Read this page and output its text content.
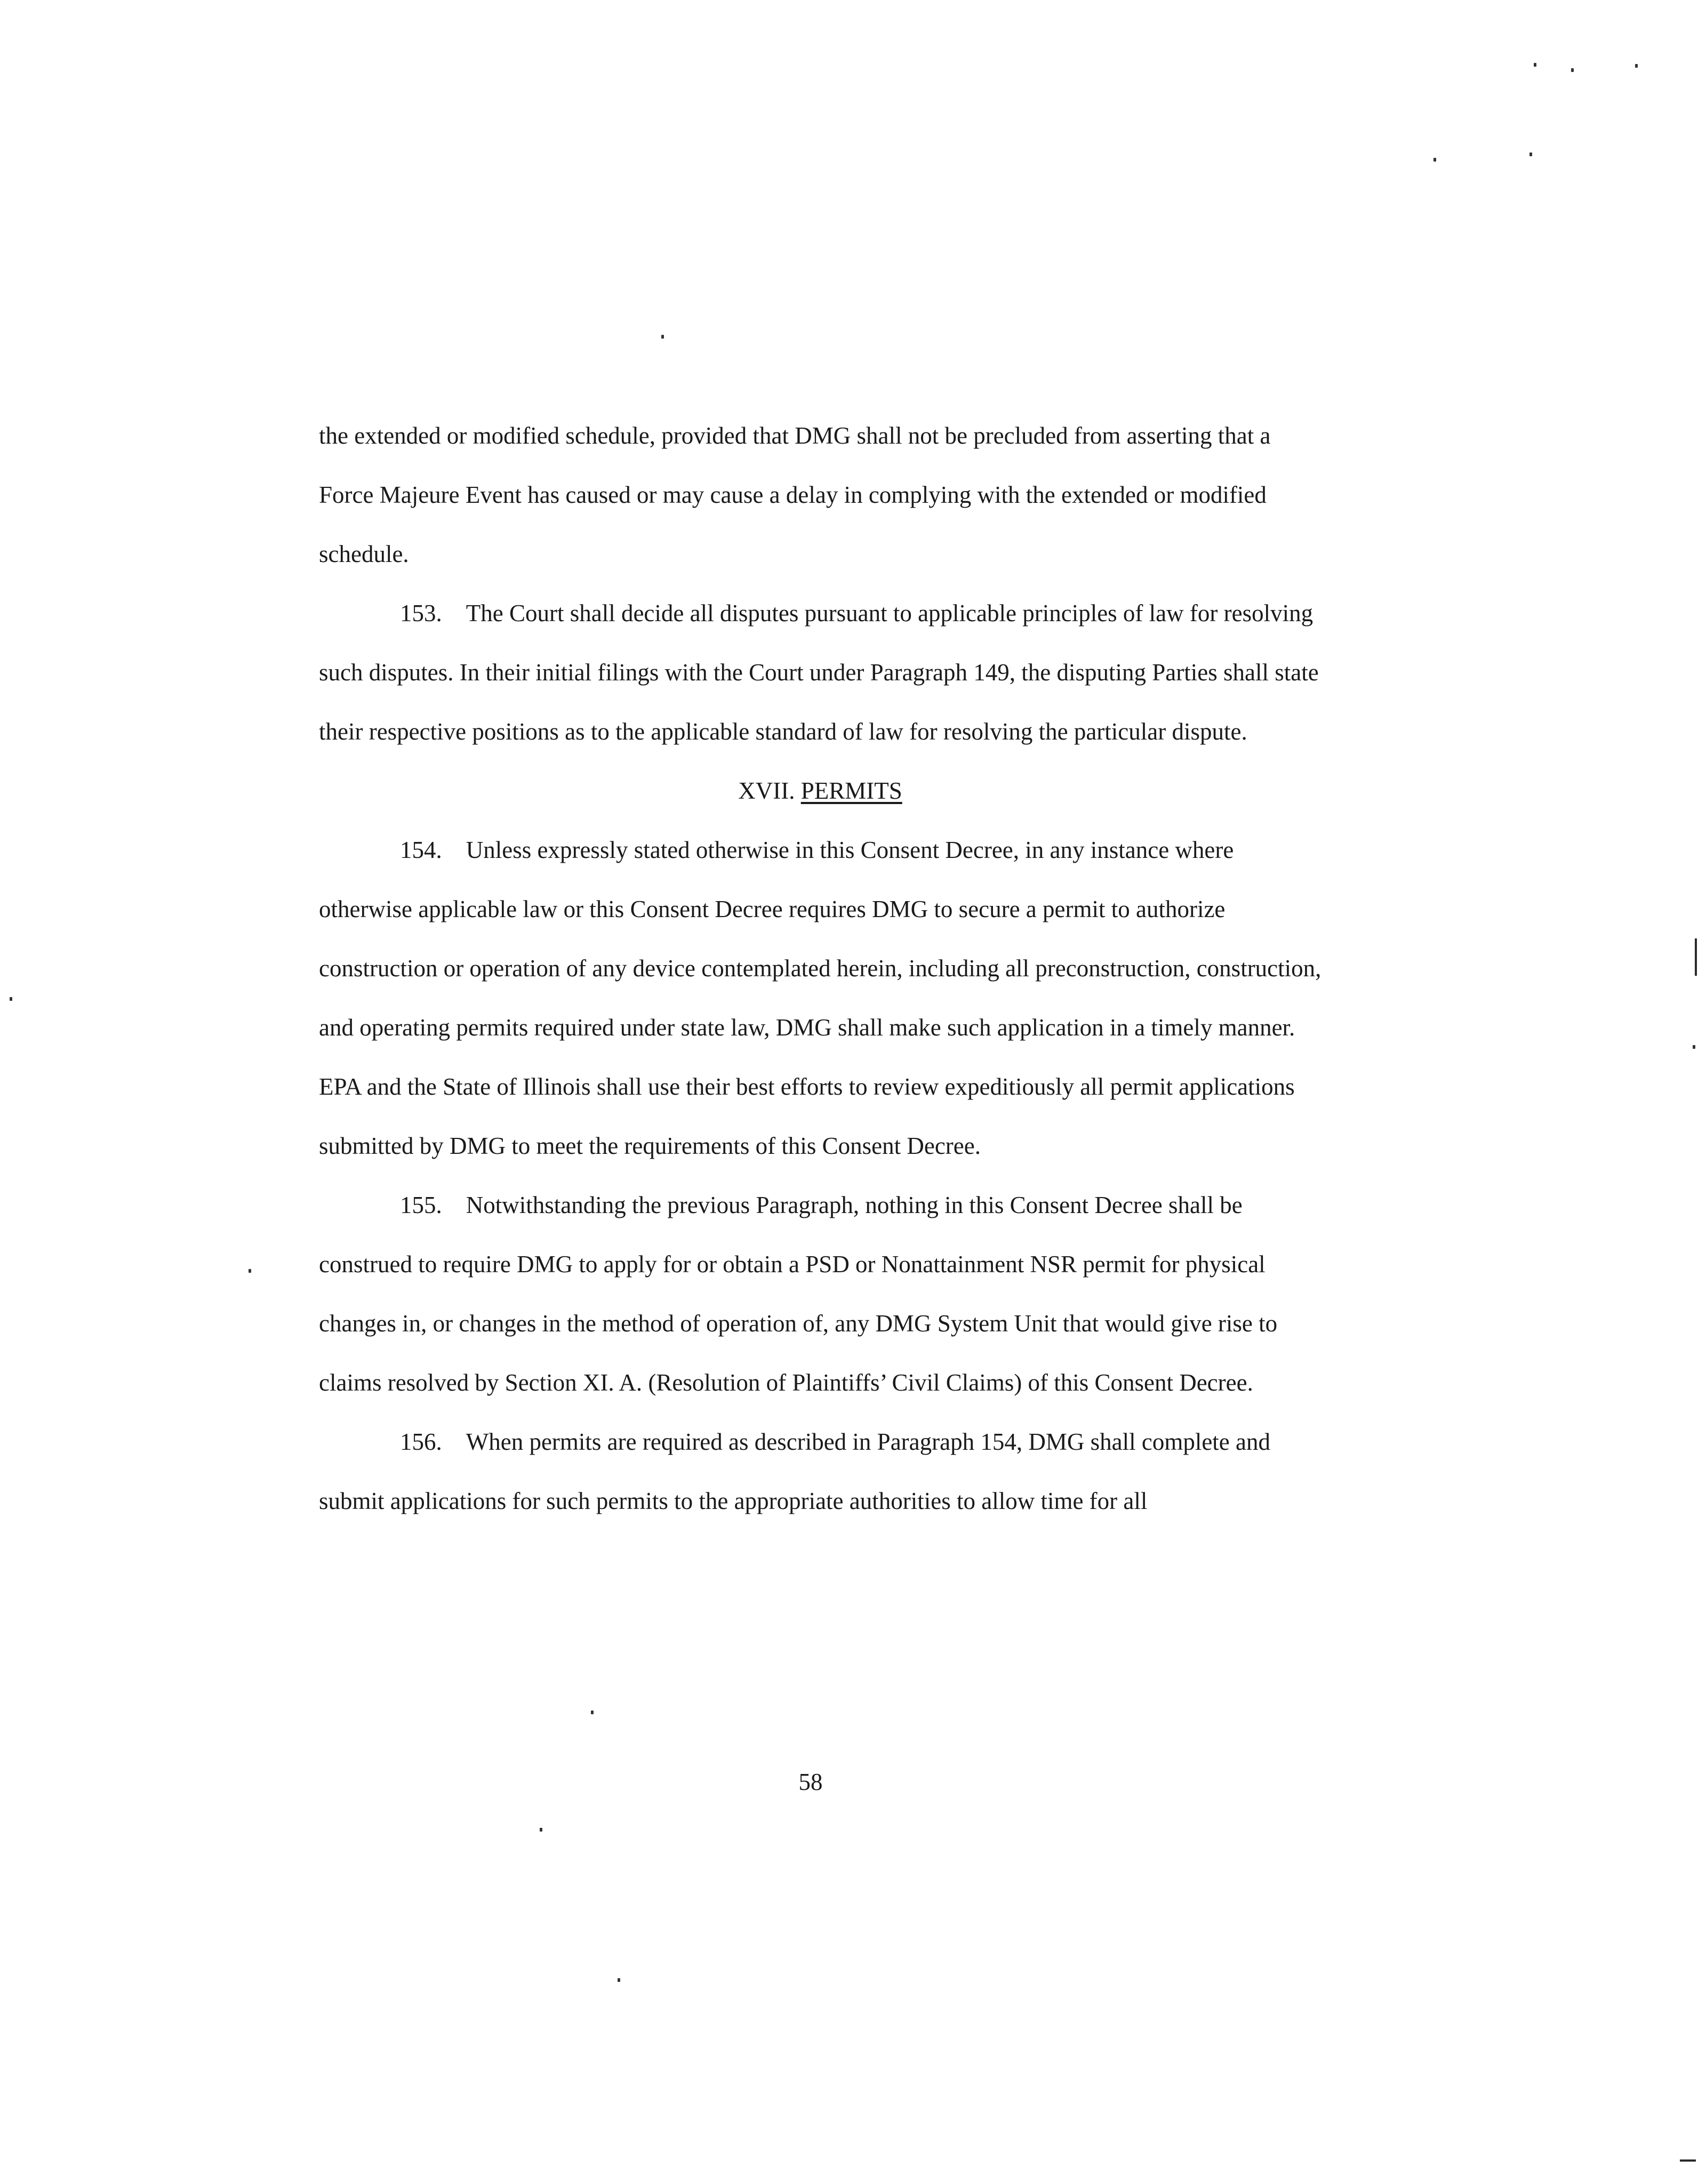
the extended or modified schedule, provided that DMG shall not be precluded from asserting that a Force Majeure Event has caused or may cause a delay in complying with the extended or modified schedule.

153. The Court shall decide all disputes pursuant to applicable principles of law for resolving such disputes. In their initial filings with the Court under Paragraph 149, the disputing Parties shall state their respective positions as to the applicable standard of law for resolving the particular dispute.

XVII. PERMITS

154. Unless expressly stated otherwise in this Consent Decree, in any instance where otherwise applicable law or this Consent Decree requires DMG to secure a permit to authorize construction or operation of any device contemplated herein, including all preconstruction, construction, and operating permits required under state law, DMG shall make such application in a timely manner. EPA and the State of Illinois shall use their best efforts to review expeditiously all permit applications submitted by DMG to meet the requirements of this Consent Decree.

155. Notwithstanding the previous Paragraph, nothing in this Consent Decree shall be construed to require DMG to apply for or obtain a PSD or Nonattainment NSR permit for physical changes in, or changes in the method of operation of, any DMG System Unit that would give rise to claims resolved by Section XI. A. (Resolution of Plaintiffs’ Civil Claims) of this Consent Decree.

156. When permits are required as described in Paragraph 154, DMG shall complete and submit applications for such permits to the appropriate authorities to allow time for all

58
